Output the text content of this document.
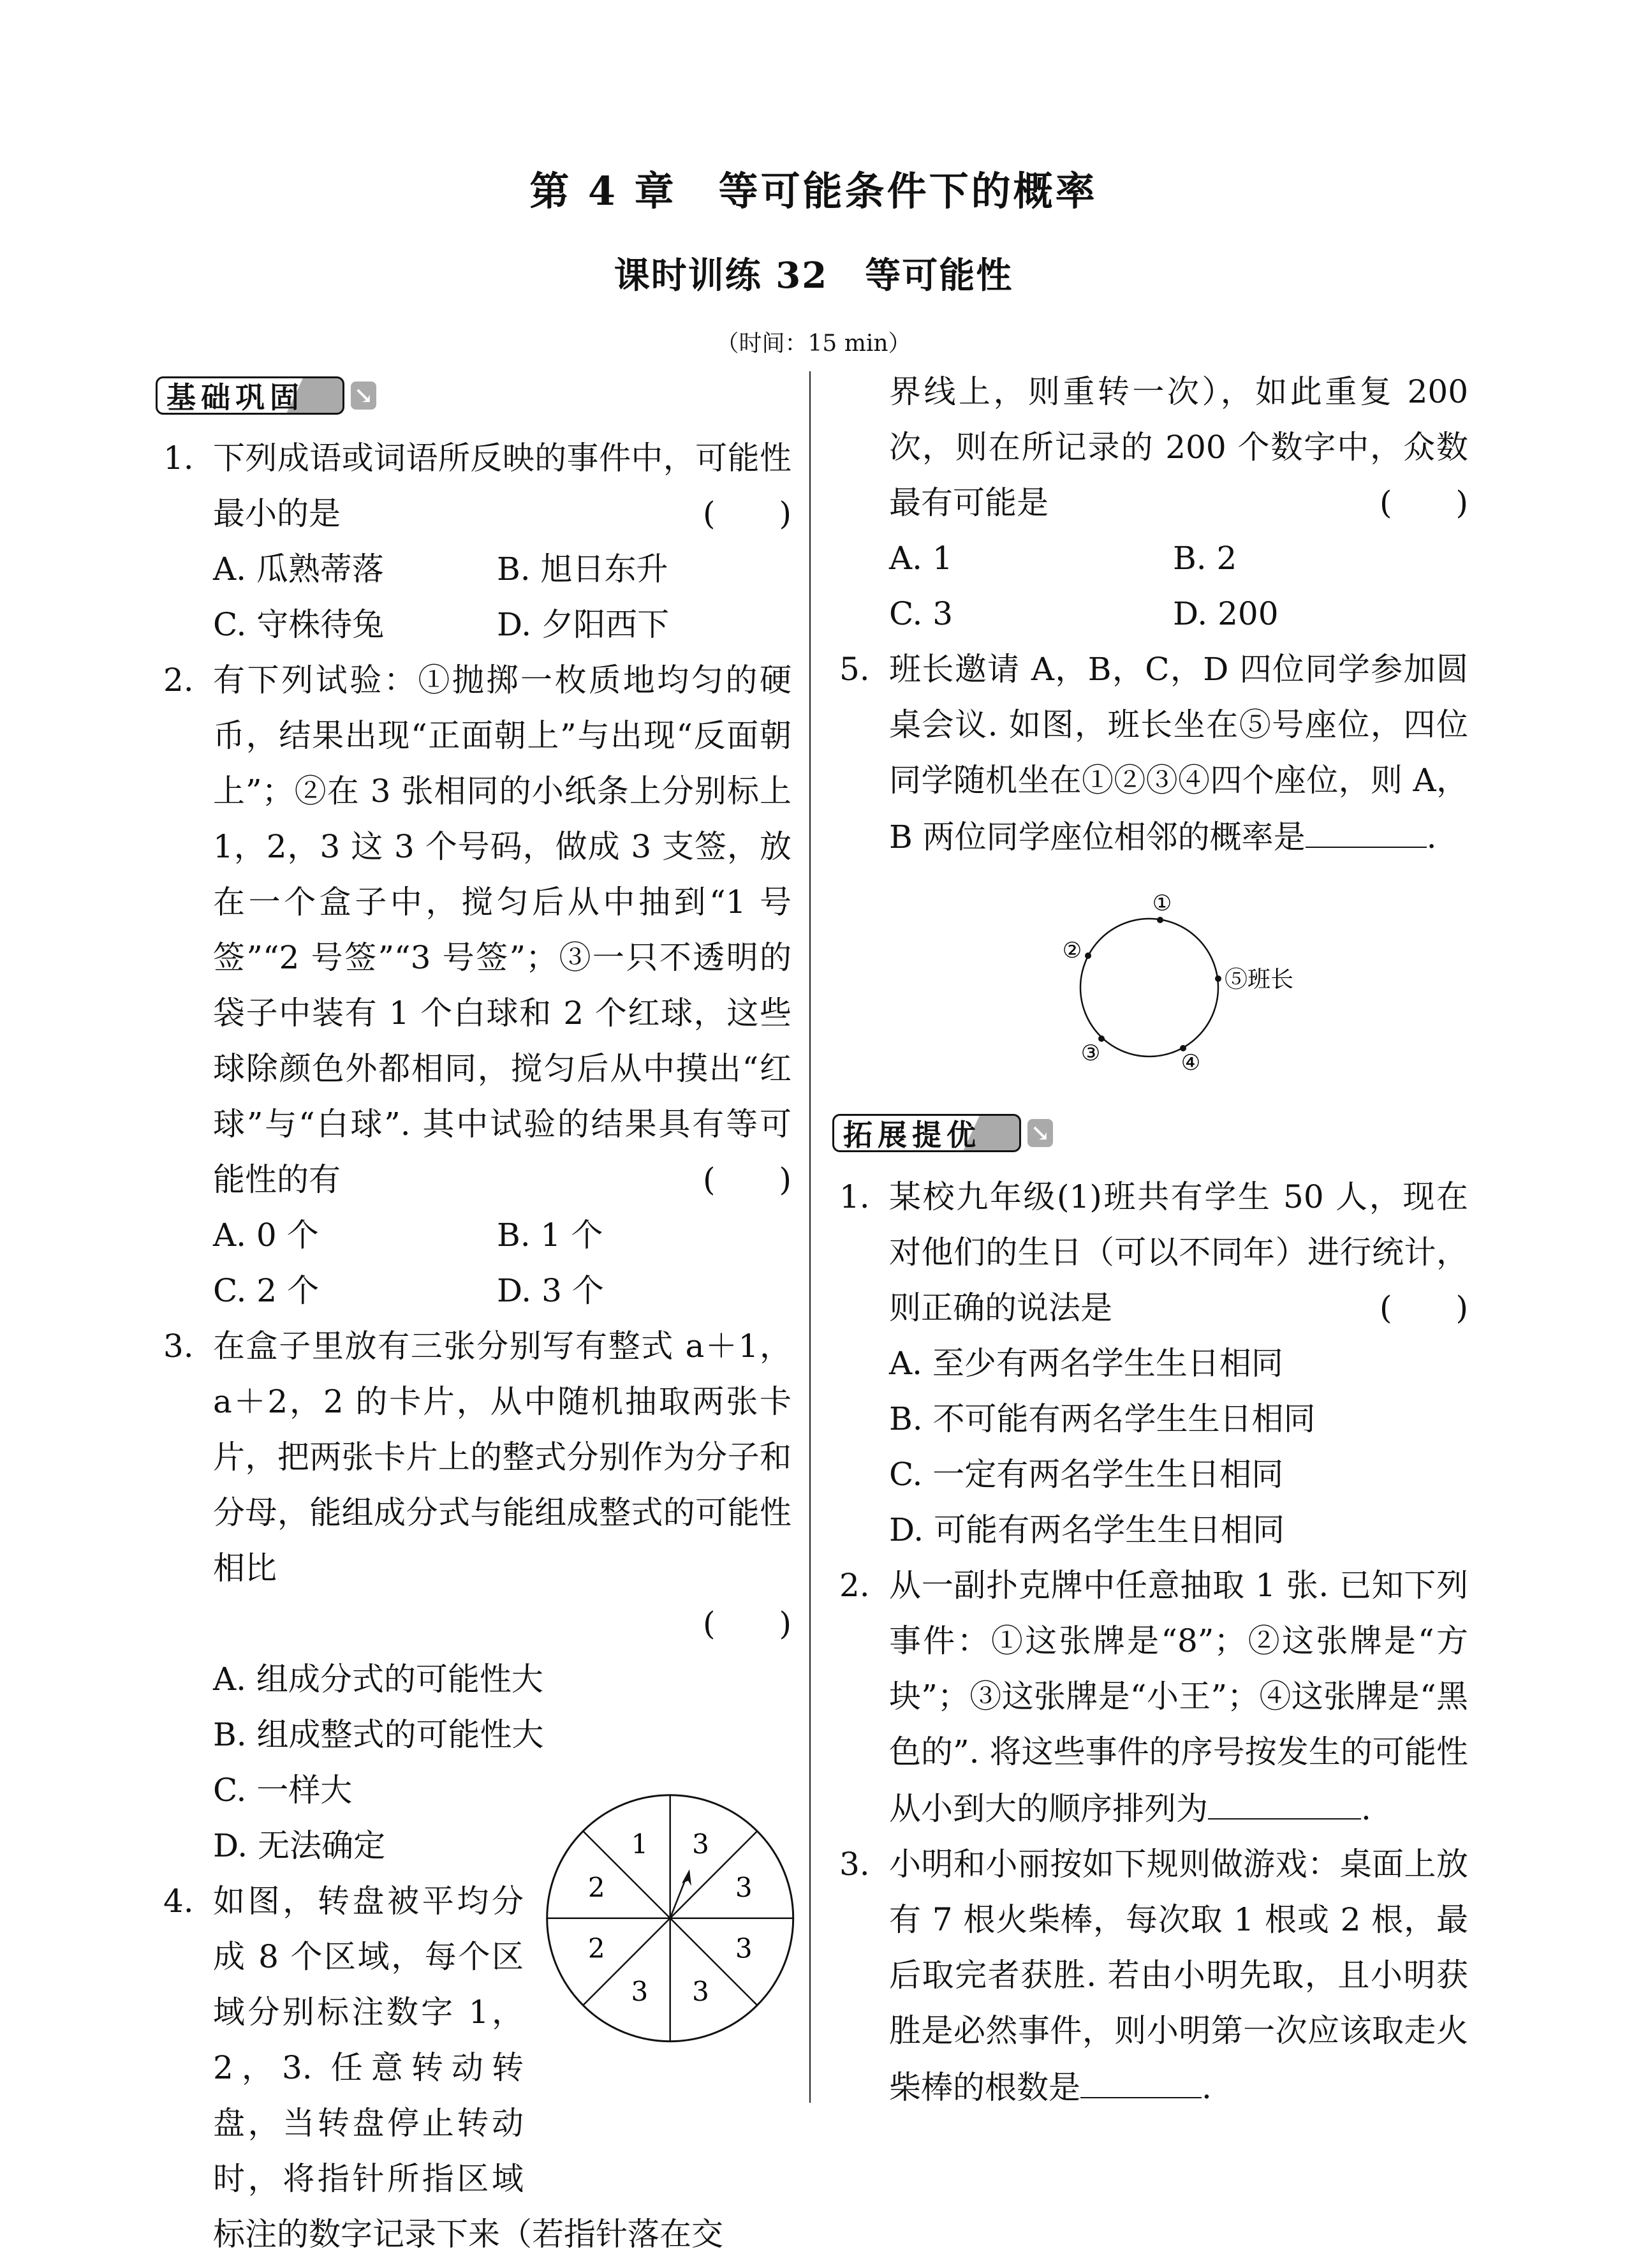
第 4 章　等可能条件下的概率
课时训练 32　等可能性
（时间：15 min）
基础巩固 ↘
1. 下列成语或词语所反映的事件中，可能性最小的是	(　　)
A. 瓜熟蒂落	B. 旭日东升
C. 守株待兔	D. 夕阳西下
2. 有下列试验：①抛掷一枚质地均匀的硬币，结果出现“正面朝上”与出现“反面朝上”；②在 3 张相同的小纸条上分别标上 1，2，3 这 3 个号码，做成 3 支签，放在一个盒子中，搅匀后从中抽到“1 号签”“2 号签”“3 号签”；③一只不透明的袋子中装有 1 个白球和 2 个红球，这些球除颜色外都相同，搅匀后从中摸出“红球”与“白球”. 其中试验的结果具有等可能性的有	(　　)
A. 0 个	B. 1 个
C. 2 个	D. 3 个
3. 在盒子里放有三张分别写有整式 a＋1，a＋2，2 的卡片，从中随机抽取两张卡片，把两张卡片上的整式分别作为分子和分母，能组成分式与能组成整式的可能性相比
(　　)
A. 组成分式的可能性大
B. 组成整式的可能性大
C. 一样大
D. 无法确定
4. 如图，转盘被平均分成 8 个区域，每个区域分别标注数字 1，2，3. 任意转动转盘，当转盘停止转动时，将指针所指区域标注的数字记录下来（若指针落在交
1 3
3
3
3
3
2
2
界线上，则重转一次），如此重复 200 次，则在所记录的 200 个数字中，众数最有可能是	(　　)
A. 1	B. 2
C. 3	D. 200
5. 班长邀请 A，B，C，D 四位同学参加圆桌会议. 如图，班长坐在⑤号座位，四位同学随机坐在①②③④四个座位，则 A，B 两位同学座位相邻的概率是	.
①
②
③	④
⑤班长
拓展提优 ↘
1. 某校九年级(1)班共有学生 50 人，现在对他们的生日（可以不同年）进行统计，则正确的说法是	(　　)
A. 至少有两名学生生日相同
B. 不可能有两名学生生日相同
C. 一定有两名学生生日相同
D. 可能有两名学生生日相同
2. 从一副扑克牌中任意抽取 1 张. 已知下列事件：①这张牌是“8”；②这张牌是“方块”；③这张牌是“小王”；④这张牌是“黑色的”. 将这些事件的序号按发生的可能性从小到大的顺序排列为	.
3. 小明和小丽按如下规则做游戏：桌面上放有 7 根火柴棒，每次取 1 根或 2 根，最后取完者获胜. 若由小明先取，且小明获胜是必然事件，则小明第一次应该取走火柴棒的根数是	.
